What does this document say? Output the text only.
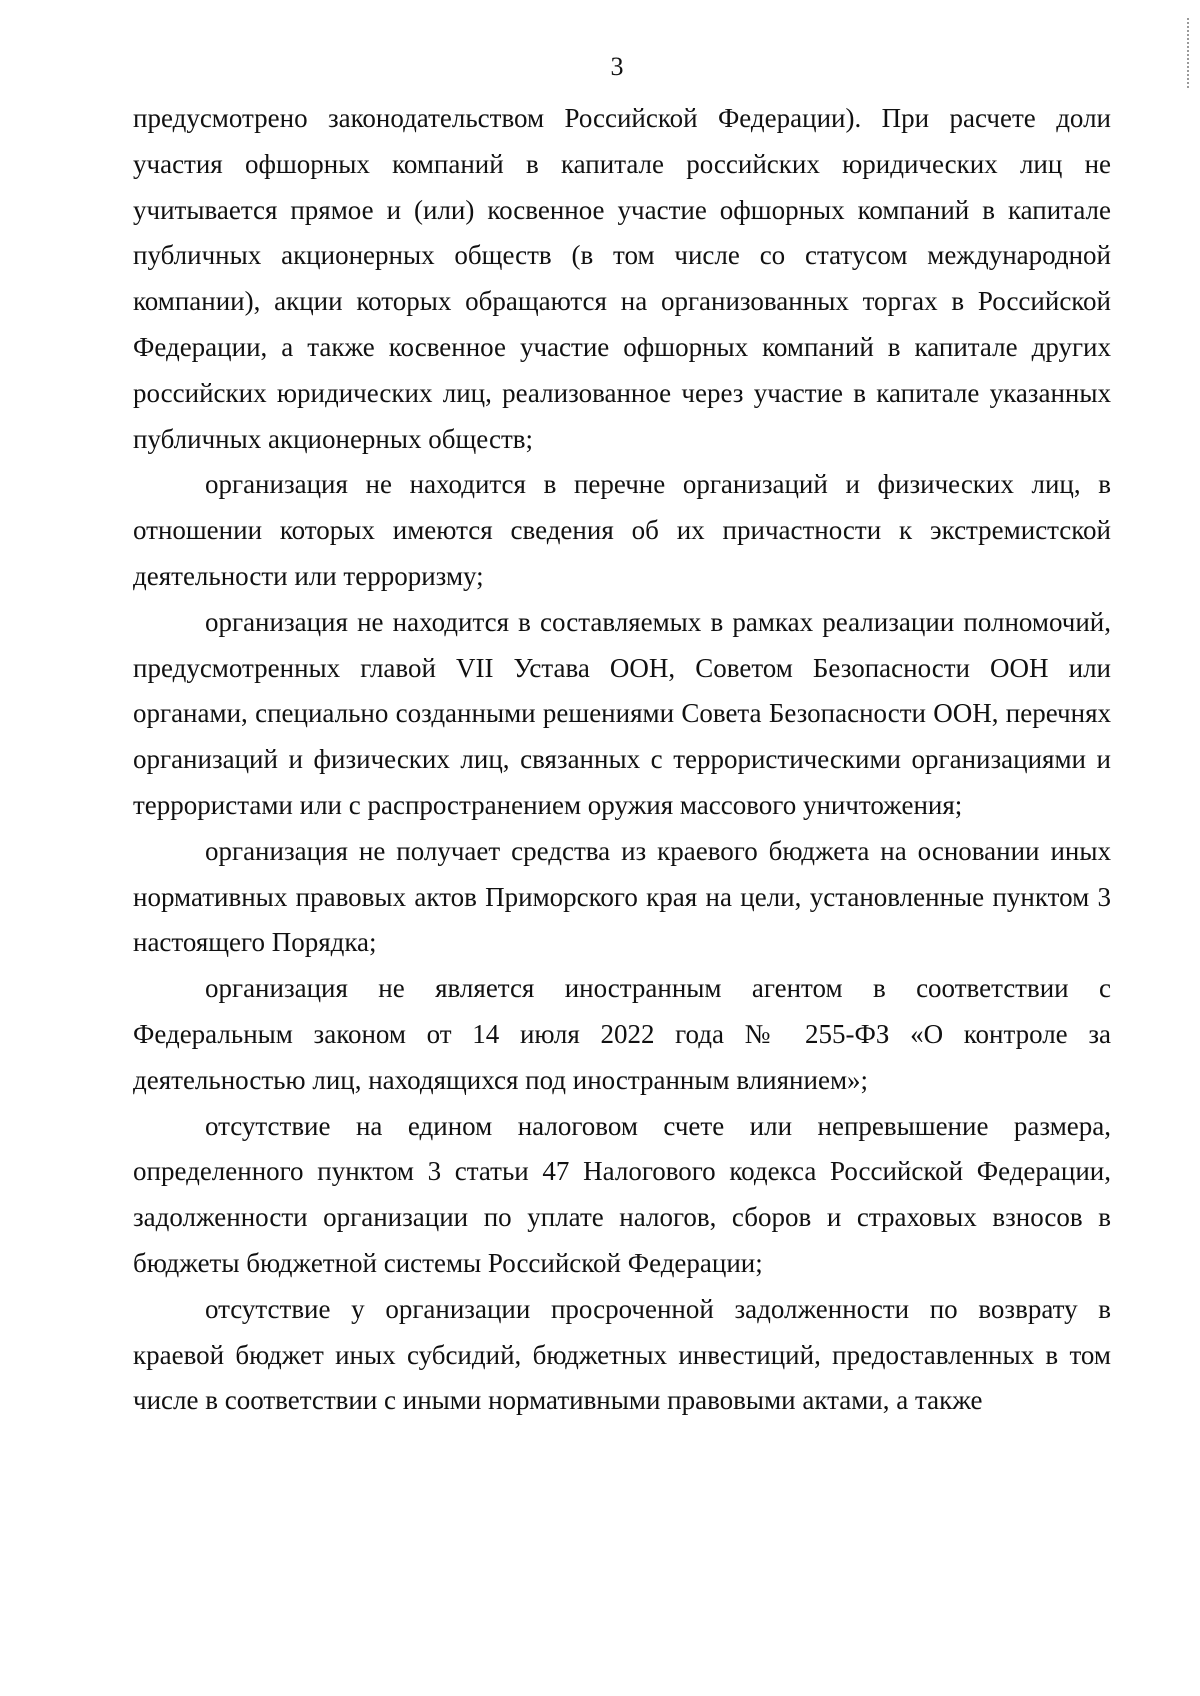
3

предусмотрено законодательством Российской Федерации). При расчете доли участия офшорных компаний в капитале российских юридических лиц не учитывается прямое и (или) косвенное участие офшорных компаний в капитале публичных акционерных обществ (в том числе со статусом международной компании), акции которых обращаются на организованных торгах в Российской Федерации, а также косвенное участие офшорных компаний в капитале других российских юридических лиц, реализованное через участие в капитале указанных публичных акционерных обществ;

организация не находится в перечне организаций и физических лиц, в отношении которых имеются сведения об их причастности к экстремистской деятельности или терроризму;

организация не находится в составляемых в рамках реализации полномочий, предусмотренных главой VII Устава ООН, Советом Безопасности ООН или органами, специально созданными решениями Совета Безопасности ООН, перечнях организаций и физических лиц, связанных с террористическими организациями и террористами или с распространением оружия массового уничтожения;

организация не получает средства из краевого бюджета на основании иных нормативных правовых актов Приморского края на цели, установленные пунктом 3 настоящего Порядка;

организация не является иностранным агентом в соответствии с Федеральным законом от 14 июля 2022 года № 255-ФЗ «О контроле за деятельностью лиц, находящихся под иностранным влиянием»;

отсутствие на едином налоговом счете или непревышение размера, определенного пунктом 3 статьи 47 Налогового кодекса Российской Федерации, задолженности организации по уплате налогов, сборов и страховых взносов в бюджеты бюджетной системы Российской Федерации;

отсутствие у организации просроченной задолженности по возврату в краевой бюджет иных субсидий, бюджетных инвестиций, предоставленных в том числе в соответствии с иными нормативными правовыми актами, а также
